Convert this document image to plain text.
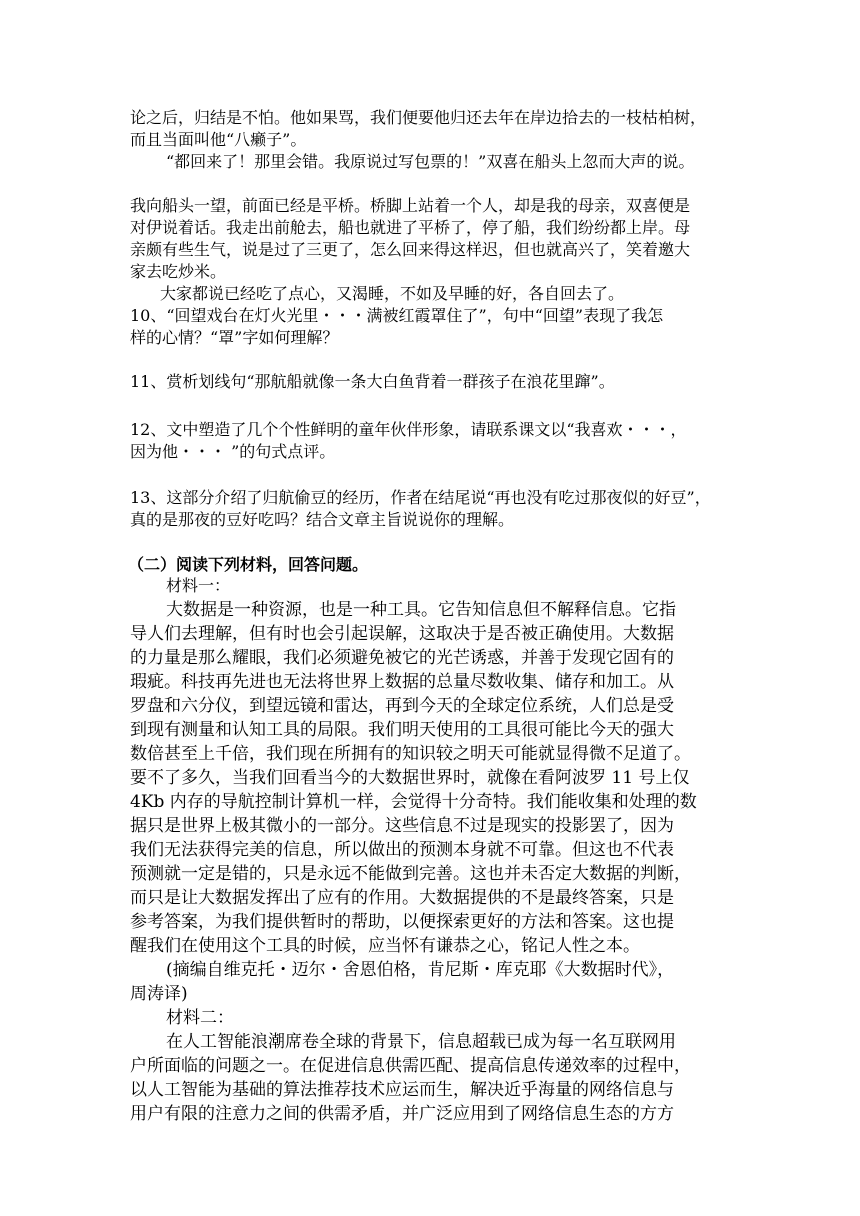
论之后，归结是不怕。他如果骂，我们便要他归还去年在岸边拾去的一枝枯柏树，
而且当面叫他“八癞子”。
“都回来了！那里会错。我原说过写包票的！”双喜在船头上忽而大声的说。
我向船头一望，前面已经是平桥。桥脚上站着一个人，却是我的母亲，双喜便是
对伊说着话。我走出前舱去，船也就进了平桥了，停了船，我们纷纷都上岸。母
亲颇有些生气，说是过了三更了，怎么回来得这样迟，但也就高兴了，笑着邀大
家去吃炒米。
大家都说已经吃了点心，又渴睡，不如及早睡的好，各自回去了。
10、“回望戏台在灯火光里・・・满被红霞罩住了”，句中“回望”表现了我怎
样的心情？“罩”字如何理解？
11、赏析划线句“那航船就像一条大白鱼背着一群孩子在浪花里蹿”。
12、文中塑造了几个个性鲜明的童年伙伴形象，请联系课文以“我喜欢・・・，
因为他・・・ ”的句式点评。
13、这部分介绍了归航偷豆的经历，作者在结尾说“再也没有吃过那夜似的好豆”，
真的是那夜的豆好吃吗？结合文章主旨说说你的理解。
（二）阅读下列材料，回答问题。
材料一：
大数据是一种资源，也是一种工具。它告知信息但不解释信息。它指
导人们去理解，但有时也会引起误解，这取决于是否被正确使用。大数据
的力量是那么耀眼，我们必须避免被它的光芒诱惑，并善于发现它固有的
瑕疵。科技再先进也无法将世界上数据的总量尽数收集、储存和加工。从
罗盘和六分仪，到望远镜和雷达，再到今天的全球定位系统，人们总是受
到现有测量和认知工具的局限。我们明天使用的工具很可能比今天的强大
数倍甚至上千倍，我们现在所拥有的知识较之明天可能就显得微不足道了。
要不了多久，当我们回看当今的大数据世界时，就像在看阿波罗 11 号上仅
4Kb 内存的导航控制计算机一样，会觉得十分奇特。我们能收集和处理的数
据只是世界上极其微小的一部分。这些信息不过是现实的投影罢了，因为
我们无法获得完美的信息，所以做出的预测本身就不可靠。但这也不代表
预测就一定是错的，只是永远不能做到完善。这也并未否定大数据的判断，
而只是让大数据发挥出了应有的作用。大数据提供的不是最终答案，只是
参考答案，为我们提供暂时的帮助，以便探索更好的方法和答案。这也提
醒我们在使用这个工具的时候，应当怀有谦恭之心，铭记人性之本。
(摘编自维克托・迈尔・舍恩伯格，肯尼斯・库克耶《大数据时代》，
周涛译)
材料二：
在人工智能浪潮席卷全球的背景下，信息超载已成为每一名互联网用
户所面临的问题之一。在促进信息供需匹配、提高信息传递效率的过程中，
以人工智能为基础的算法推荐技术应运而生，解决近乎海量的网络信息与
用户有限的注意力之间的供需矛盾，并广泛应用到了网络信息生态的方方
